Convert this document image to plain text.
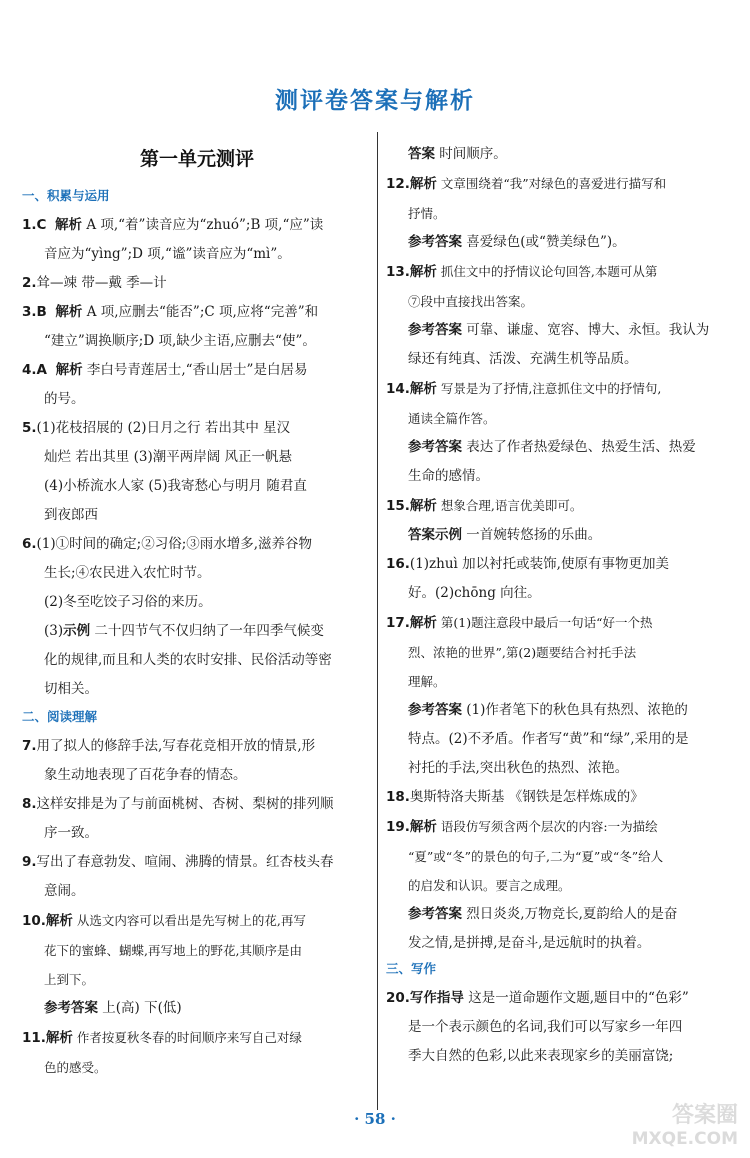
测评卷答案与解析
第一单元测评
一、积累与运用

1.C 解析 A 项,“着”读音应为“zhuó”;B 项,“应”读

音应为“yìng”;D 项,“谧”读音应为“mì”。

2.耸—竦 带—戴 季—计

3.B 解析 A 项,应删去“能否”;C 项,应将“完善”和

“建立”调换顺序;D 项,缺少主语,应删去“使”。

4.A 解析 李白号青莲居士,“香山居士”是白居易

的号。

5.(1)花枝招展的 (2)日月之行 若出其中 星汉

灿烂 若出其里 (3)潮平两岸阔 风正一帆悬

(4)小桥流水人家 (5)我寄愁心与明月 随君直

到夜郎西

6.(1)①时间的确定;②习俗;③雨水增多,滋养谷物

生长;④农民进入农忙时节。

(2)冬至吃饺子习俗的来历。

(3)示例 二十四节气不仅归纳了一年四季气候变

化的规律,而且和人类的农时安排、民俗活动等密

切相关。

二、阅读理解

7.用了拟人的修辞手法,写春花竞相开放的情景,形

象生动地表现了百花争春的情态。

8.这样安排是为了与前面桃树、杏树、梨树的排列顺

序一致。

9.写出了春意勃发、喧闹、沸腾的情景。红杏枝头春

意闹。

10.解析 从选文内容可以看出是先写树上的花,再写

花下的蜜蜂、蝴蝶,再写地上的野花,其顺序是由

上到下。

参考答案 上(高) 下(低)

11.解析 作者按夏秋冬春的时间顺序来写自己对绿

色的感受。

答案 时间顺序。

12.解析 文章围绕着“我”对绿色的喜爱进行描写和

抒情。

参考答案 喜爱绿色(或“赞美绿色”)。

13.解析 抓住文中的抒情议论句回答,本题可从第

⑦段中直接找出答案。

参考答案 可靠、谦虚、宽容、博大、永恒。我认为

绿还有纯真、活泼、充满生机等品质。

14.解析 写景是为了抒情,注意抓住文中的抒情句,

通读全篇作答。

参考答案 表达了作者热爱绿色、热爱生活、热爱

生命的感情。

15.解析 想象合理,语言优美即可。

答案示例 一首婉转悠扬的乐曲。

16.(1)zhuì 加以衬托或装饰,使原有事物更加美

好。(2)chōng 向往。

17.解析 第(1)题注意段中最后一句话“好一个热

烈、浓艳的世界”,第(2)题要结合衬托手法

理解。

参考答案 (1)作者笔下的秋色具有热烈、浓艳的

特点。(2)不矛盾。作者写“黄”和“绿”,采用的是

衬托的手法,突出秋色的热烈、浓艳。

18.奥斯特洛夫斯基 《钢铁是怎样炼成的》

19.解析 语段仿写须含两个层次的内容:一为描绘

“夏”或“冬”的景色的句子,二为“夏”或“冬”给人

的启发和认识。要言之成理。

参考答案 烈日炎炎,万物竞长,夏韵给人的是奋

发之情,是拼搏,是奋斗,是远航时的执着。

三、写作

20.写作指导 这是一道命题作文题,题目中的“色彩”

是一个表示颜色的名词,我们可以写家乡一年四

季大自然的色彩,以此来表现家乡的美丽富饶;

· 58 ·	答案圈
MXQE.COM
